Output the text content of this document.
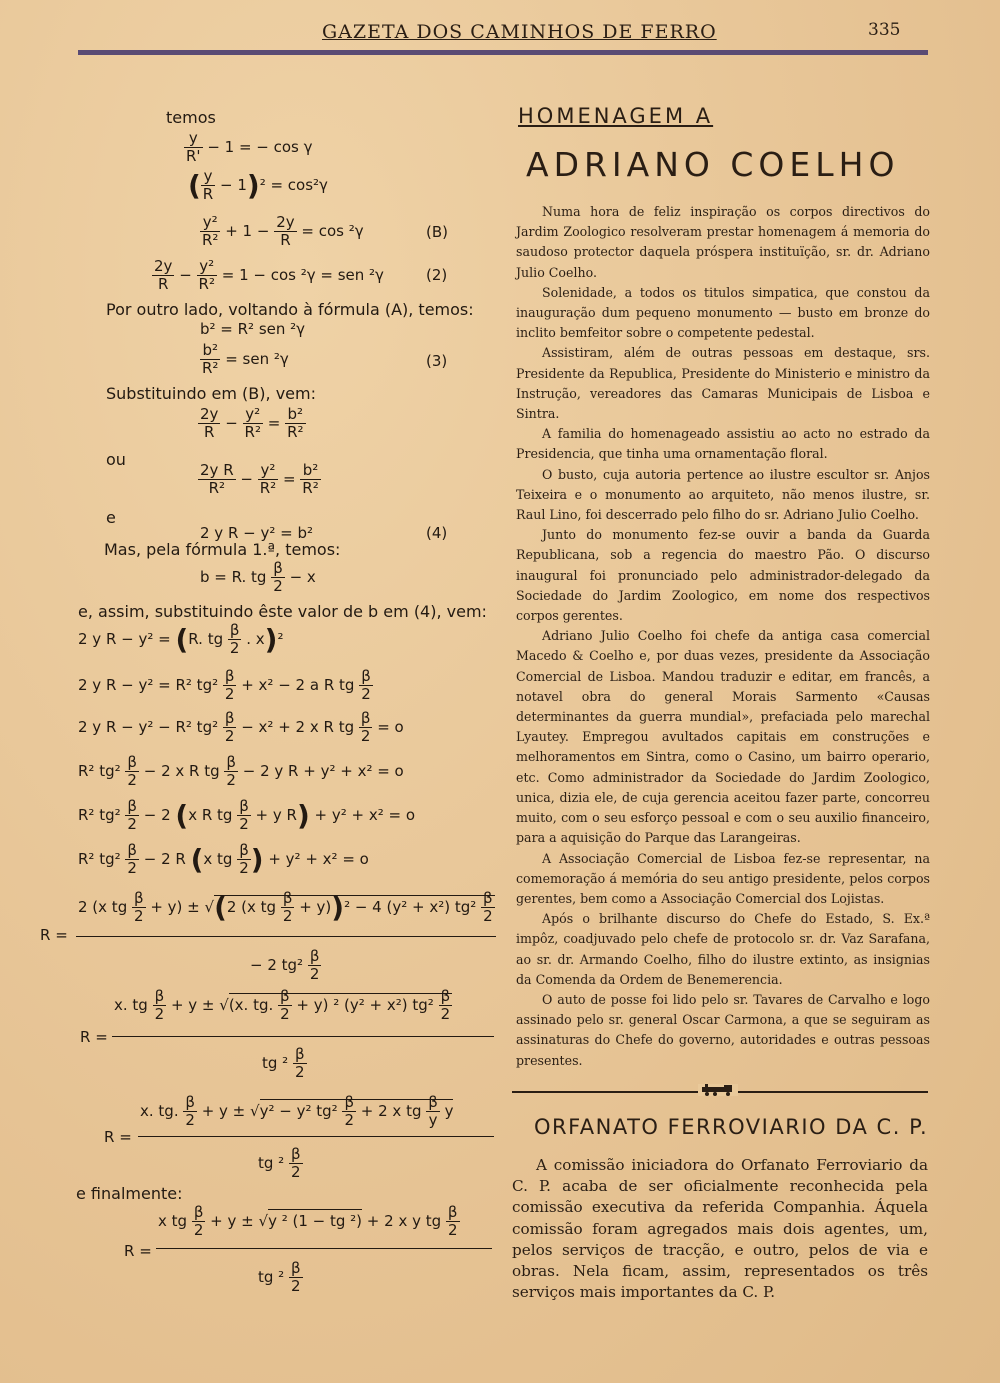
GAZETA DOS CAMINHOS DE FERRO	335
temos
$\frac{y}{R'} - 1$ = − cos γ
( $\frac{y}{R} - 1)^2 = \cos^2\gamma$
$\frac{\text{y²}}{\text{R²}} + 1 - \frac{2y}{R} = \cos ^2\gamma$	(B)
$\frac{2y}{R} - \frac{\text{y²}}{\text{R²}} = 1 - \cos ^2\gamma$ = sen ²γ	(2)
Por outro lado, voltando à fórmula (A), temos:
b² = R² sen ²γ
$\frac{\text{b²}}{\text{R²}}$ = sen ²γ	(3)
Substituindo em (B), vem:
$\frac{2y}{R} - \frac{\text{y²}}{\text{R²}} = \frac{\text{b²}}{\text{R²}}$
ou
$\frac{\text{2y R}}{\text{R²}} - \frac{\text{y²}}{\text{R²}} = \frac{\text{b²}}{\text{R²}}$
e
2 y R − y² = b²	(4)
Mas, pela fórmula 1.ª, temos:
b = R. tg $\frac{\beta}{2} - x$
e, assim, substituindo êste valor de b em (4), vem:
2 y R − y² = (R. tg $\frac{\beta}{2}$ . x)²
2 y R − y² = R² $tg^2 \frac{\beta}{2} + x^2 - 2$ a R tg $\frac{\beta}{2}$
2 y R − y² − R² $tg^2 \frac{\beta}{2} - x^2 + 2$ x R tg $\frac{\beta}{2} = o$
R² $tg^2 \frac{\beta}{2} - 2$ x R tg $\frac{\beta}{2} - 2$ y R + y² + x² = o
R² $tg^2 \frac{\beta}{2} - 2$ (x R tg $\frac{\beta}{2} + y$ R) + y² + x² = o
R² $tg^2 \frac{\beta}{2} - 2$ R (x tg $\frac{\beta}{2}$ ) + y² + x² = o
R =
2 (x tg $\frac{\beta}{2} + y) \pm √(2$ (x tg $\frac{\beta}{2} + y))^2 - 4$ (y² + x²) $tg^2 \frac{\beta}{2}$
− 2 $tg^2 \frac{\beta}{2}$
R =
x. tg $\frac{\beta}{2} + y \pm √(x$. tg. $\frac{\beta}{2} + y$) ² (y² + x²) $tg^2 \frac{\beta}{2}$
tg $^2 \frac{\beta}{2}$
R =
x. tg. $\frac{\beta}{2} + y \pm √y^2 - y^2$ $tg^2 \frac{\beta}{2} + 2$ x tg $\frac{\beta}{y}$ y
tg $^2 \frac{\beta}{2}$
e finalmente:
R =
x tg $\frac{\beta}{2} + y \pm √y$ ² (1 − tg ²) + 2 x y tg $\frac{\beta}{2}$
tg $^2 \frac{\beta}{2}$
HOMENAGEM A
ADRIANO COELHO

Numa hora de feliz inspiração os corpos directivos do Jardim Zoologico resolveram prestar homenagem á memoria do saudoso protector daquela próspera instituïção, sr. dr. Adriano Julio Coelho.

Solenidade, a todos os titulos simpatica, que constou da inauguração dum pequeno monumento — busto em bronze do inclito bemfeitor sobre o competente pedestal.

Assistiram, além de outras pessoas em destaque, srs. Presidente da Republica, Presidente do Ministerio e ministro da Instrução, vereadores das Camaras Municipais de Lisboa e Sintra.

A familia do homenageado assistiu ao acto no estrado da Presidencia, que tinha uma ornamentação floral.

O busto, cuja autoria pertence ao ilustre escultor sr. Anjos Teixeira e o monumento ao arquiteto, não menos ilustre, sr. Raul Lino, foi descerrado pelo filho do sr. Adriano Julio Coelho.

Junto do monumento fez-se ouvir a banda da Guarda Republicana, sob a regencia do maestro Pão. O discurso inaugural foi pronunciado pelo administrador-delegado da Sociedade do Jardim Zoologico, em nome dos respectivos corpos gerentes.

Adriano Julio Coelho foi chefe da antiga casa comercial Macedo & Coelho e, por duas vezes, presidente da Associação Comercial de Lisboa. Mandou traduzir e editar, em francês, a notavel obra do general Morais Sarmento «Causas determinantes da guerra mundial», prefaciada pelo marechal Lyautey. Empregou avultados capitais em construções e melhoramentos em Sintra, como o Casino, um bairro operario, etc. Como administrador da Sociedade do Jardim Zoologico, unica, dizia ele, de cuja gerencia aceitou fazer parte, concorreu muito, com o seu esforço pessoal e com o seu auxilio financeiro, para a aquisição do Parque das Larangeiras.

A Associação Comercial de Lisboa fez-se representar, na comemoração á memória do seu antigo presidente, pelos corpos gerentes, bem como a Associação Comercial dos Lojistas.

Após o brilhante discurso do Chefe do Estado, S. Ex.ª impôz, coadjuvado pelo chefe de protocolo sr. dr. Vaz Sarafana, ao sr. dr. Armando Coelho, filho do ilustre extinto, as insignias da Comenda da Ordem de Benemerencia.

O auto de posse foi lido pelo sr. Tavares de Carvalho e logo assinado pelo sr. general Oscar Carmona, a que se seguiram as assinaturas do Chefe do governo, autoridades e outras pessoas presentes.

ORFANATO FERROVIARIO DA C. P.

A comissão iniciadora do Orfanato Ferroviario da C. P. acaba de ser oficialmente reconhecida pela comissão executiva da referida Companhia. Áquela comissão foram agregados mais dois agentes, um, pelos serviços de tracção, e outro, pelos de via e obras. Nela ficam, assim, representados os três serviços mais importantes da C. P.
